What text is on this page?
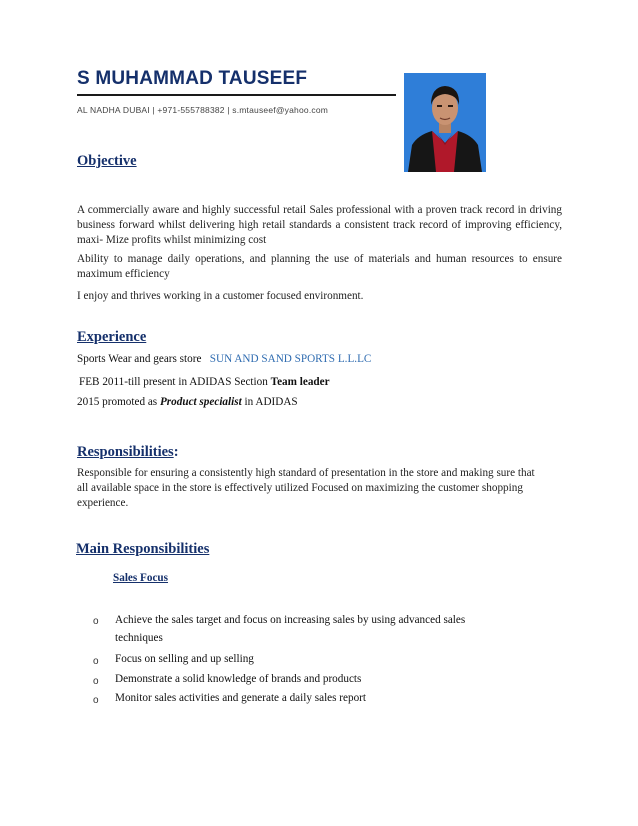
S MUHAMMAD TAUSEEF
AL NADHA DUBAI | +971-555788382 | s.mtauseef@yahoo.com
Objective
A commercially aware and highly successful retail Sales professional with a proven track record in driving business forward whilst delivering high retail standards a consistent track record of improving efficiency, maxi- Mize profits whilst minimizing cost
Ability to manage daily operations, and planning the use of materials and human resources to ensure maximum efficiency
I enjoy and thrives working in a customer focused environment.
Experience
Sports Wear and gears store SUN AND SAND SPORTS L.L.LC
FEB 2011-till present in ADIDAS Section Team leader
2015 promoted as Product specialist in ADIDAS
Responsibilities:
Responsible for ensuring a consistently high standard of presentation in the store and making sure that all available space in the store is effectively utilized Focused on maximizing the customer shopping experience.
Main Responsibilities
Sales Focus
o Achieve the sales target and focus on increasing sales by using advanced sales
techniques
o Focus on selling and up selling
o Demonstrate a solid knowledge of brands and products
o Monitor sales activities and generate a daily sales report
